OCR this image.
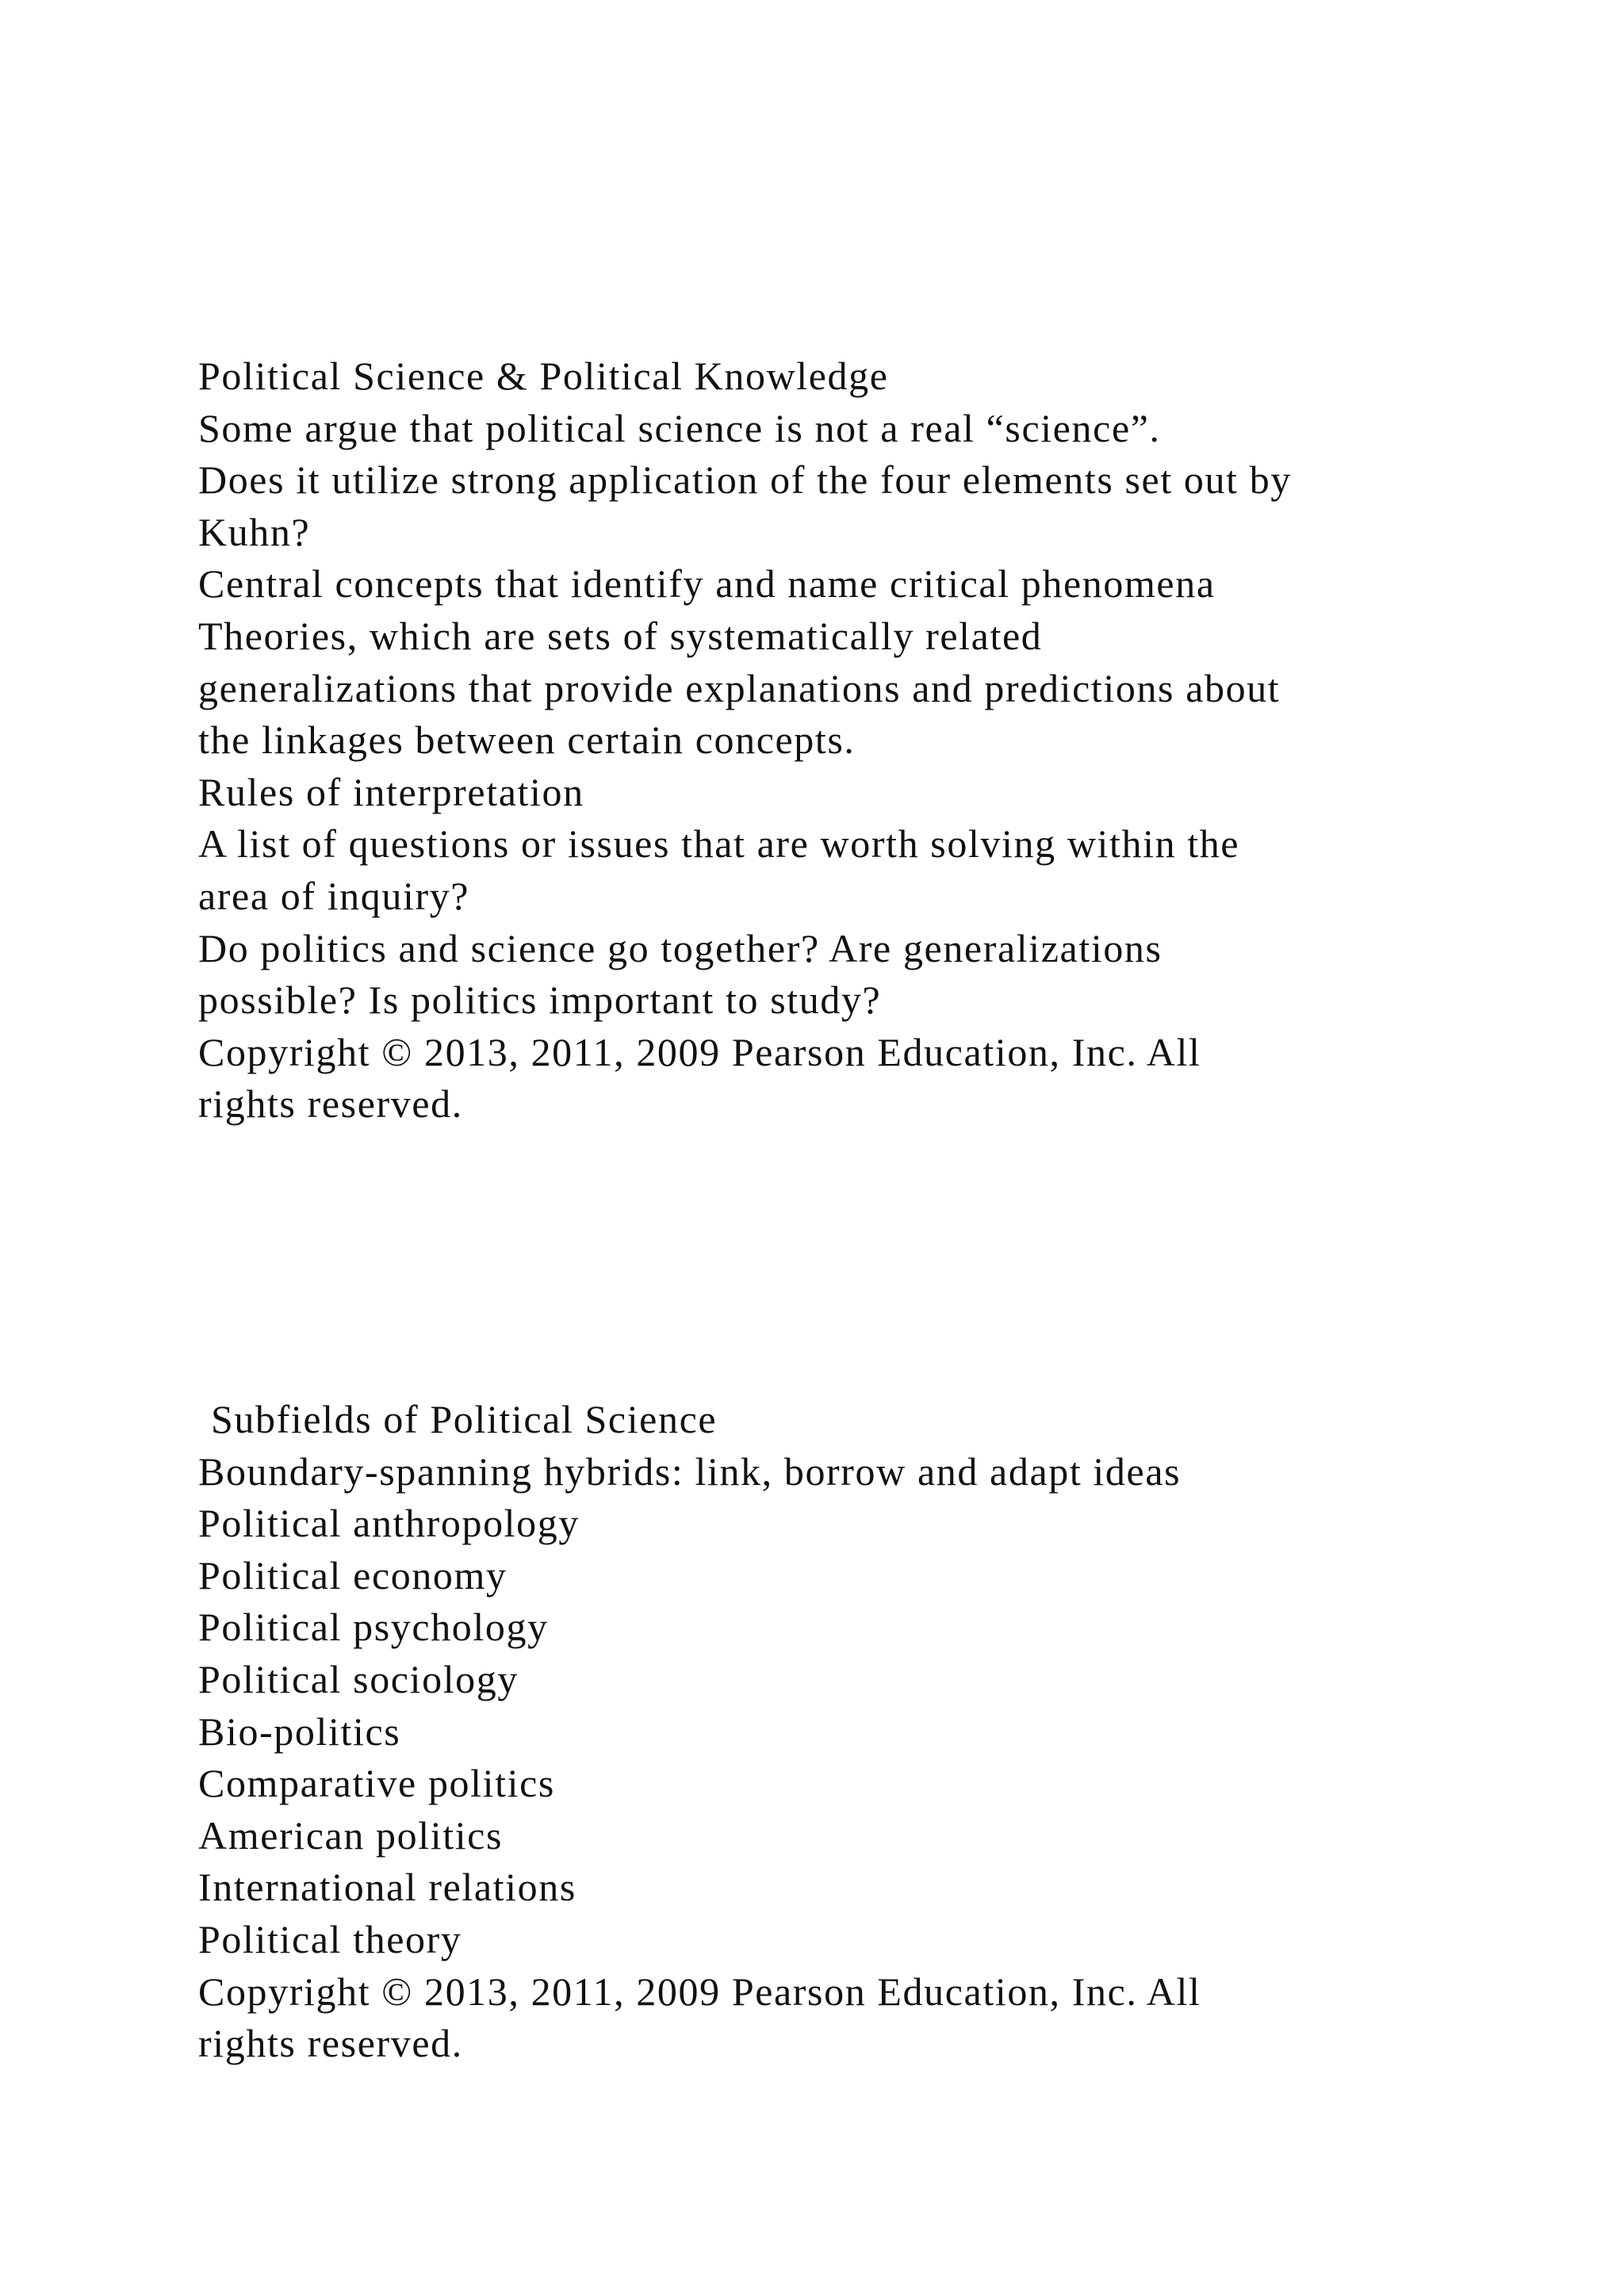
Political Science & Political Knowledge
Some argue that political science is not a real “science”.
Does it utilize strong application of the four elements set out by
Kuhn?
Central concepts that identify and name critical phenomena
Theories, which are sets of systematically related
generalizations that provide explanations and predictions about
the linkages between certain concepts.
Rules of interpretation
A list of questions or issues that are worth solving within the
area of inquiry?
Do politics and science go together? Are generalizations
possible? Is politics important to study?
Copyright © 2013, 2011, 2009 Pearson Education, Inc. All
rights reserved.
Subfields of Political Science
Boundary-spanning hybrids: link, borrow and adapt ideas
Political anthropology
Political economy
Political psychology
Political sociology
Bio-politics
Comparative politics
American politics
International relations
Political theory
Copyright © 2013, 2011, 2009 Pearson Education, Inc. All
rights reserved.
